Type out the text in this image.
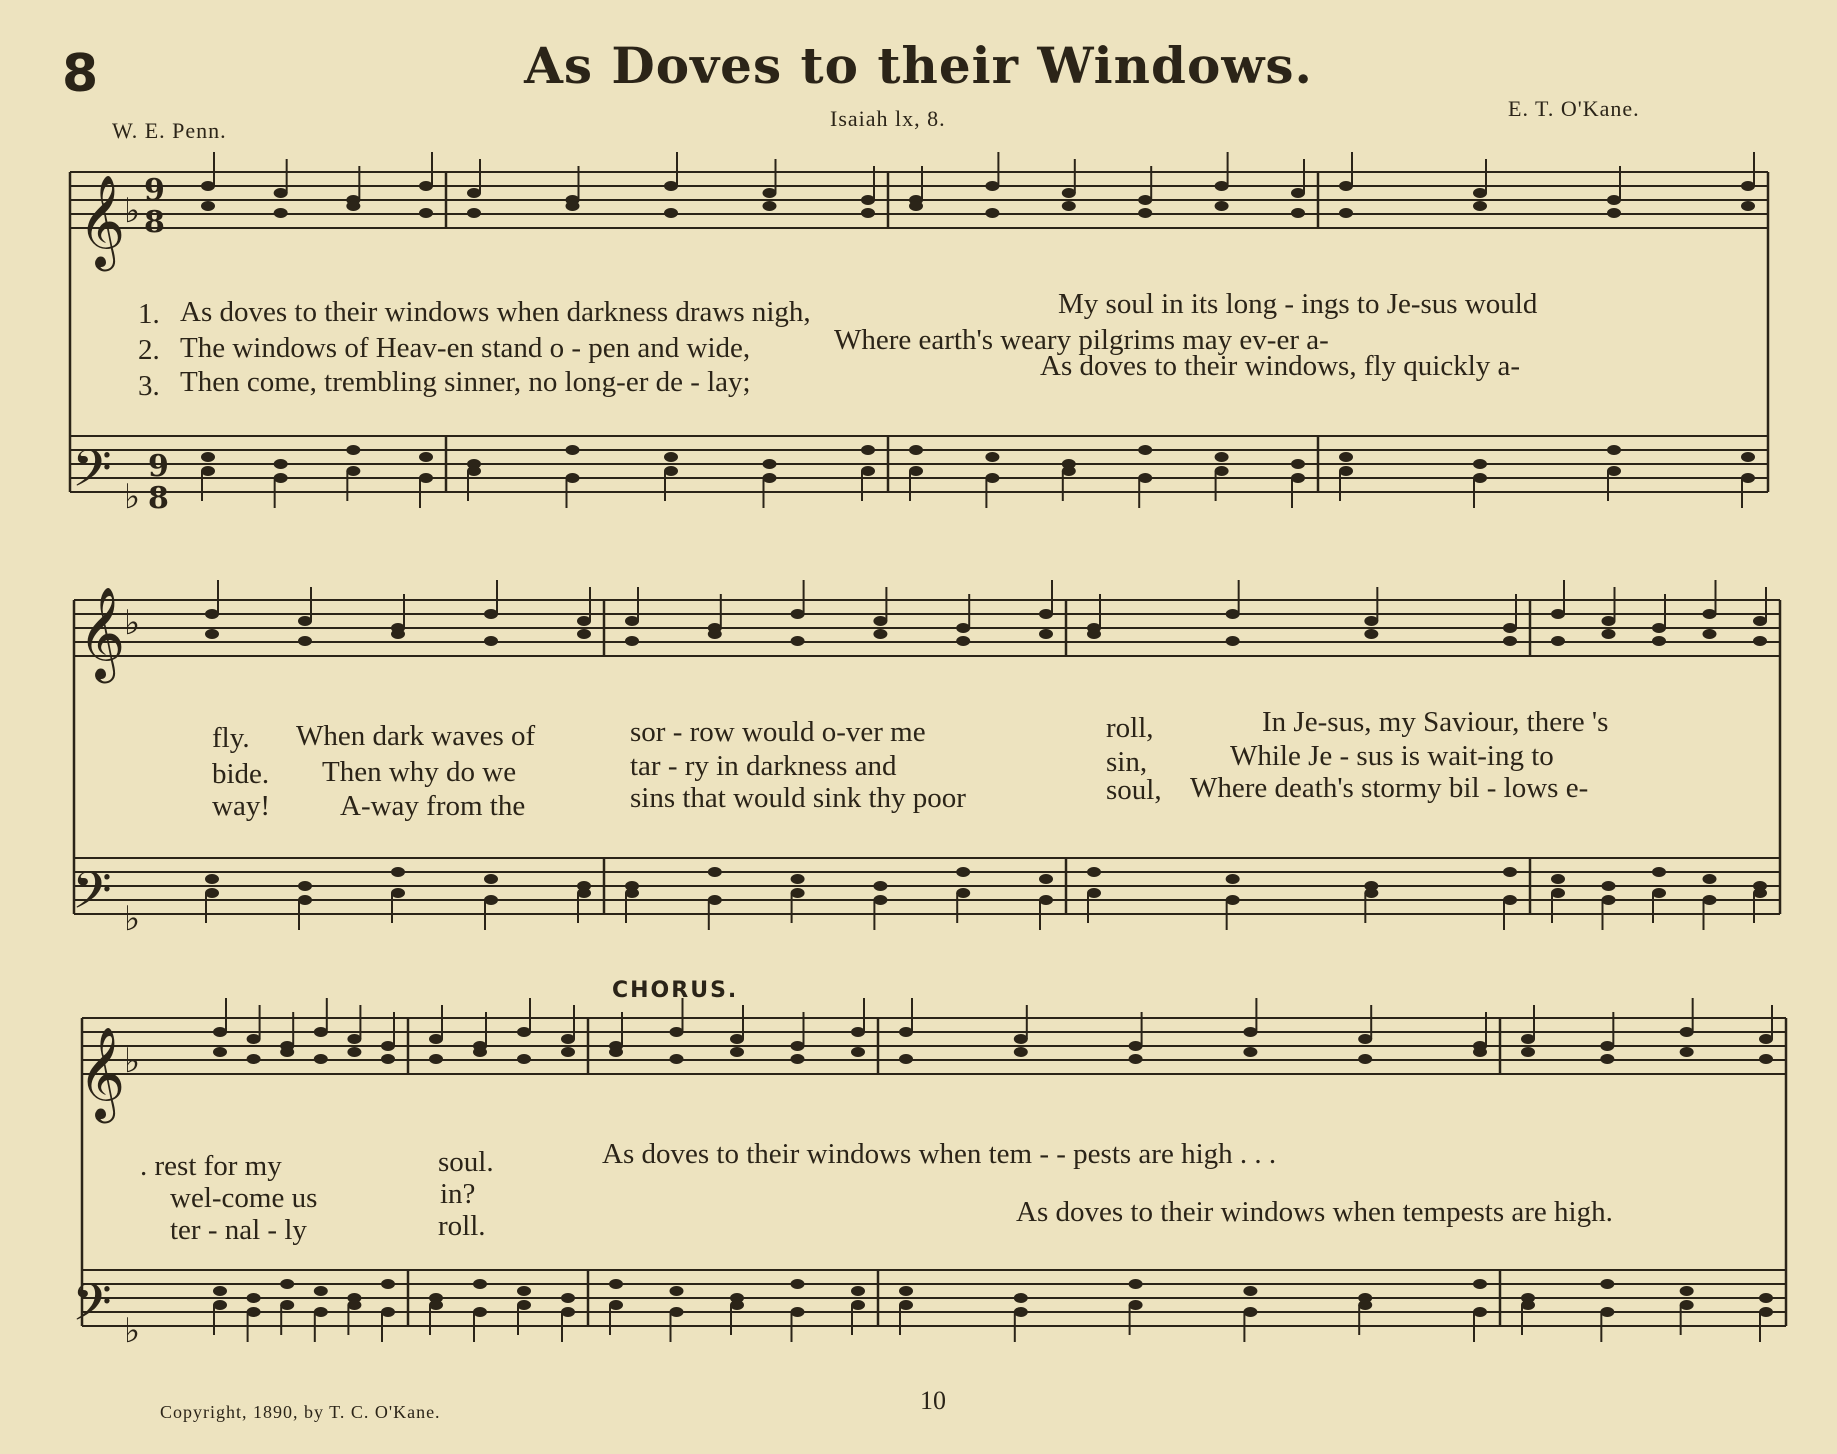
8	As Doves to their Windows.
W. E. Penn.	Isaiah lx, 8.	E. T. O'Kane.
𝄞
𝄢
𝄞
𝄢
𝄞
𝄢
♭
♭
♭
♭
♭
♭
9
8
9
8
1. As doves to their windows when darkness draws nigh,	My soul in its long - ings to Je-sus would
2. The windows of Heav-en stand o - pen and wide,	Where earth's weary pilgrims may ev-er a-
3. Then come, trembling sinner, no long-er de - lay;	As doves to their windows, fly quickly a-
fly. When dark waves of	sor - row would o-ver me	roll,	In Je-sus, my Saviour, there 's
bide. Then why do we	tar - ry in darkness and	sin,	While Je - sus is wait-ing to
way! A-way from the	sins that would sink thy poor	soul, Where death's stormy bil - lows e-
CHORUS.
. rest for my	soul.
wel-come us	in?
ter - nal - ly	roll.
As doves to their windows when tem - - pests are high . . .
As doves to their windows when tempests are high.
Copyright, 1890, by T. C. O'Kane.	10
